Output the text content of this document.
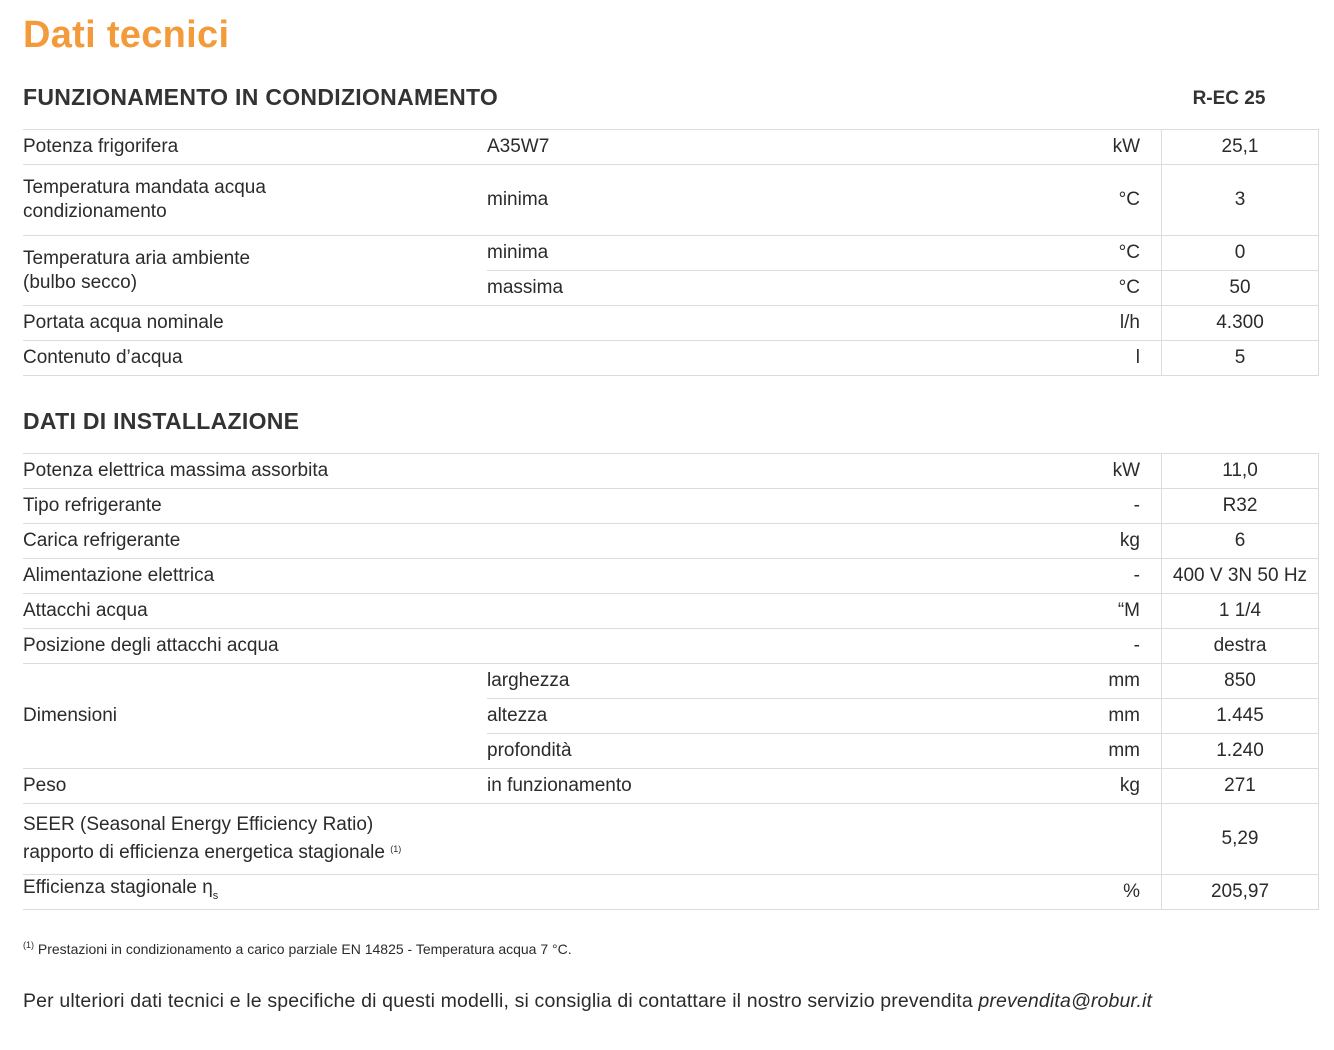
Dati tecnici
FUNZIONAMENTO IN CONDIZIONAMENTO	R-EC 25
Potenza frigorifera	A35W7	kW	25,1
Temperatura mandata acqua
condizionamento	minima	°C	3
Temperatura aria ambiente
(bulbo secco)	minima	°C	0
	massima	°C	50
Portata acqua nominale		l/h	4.300
Contenuto d’acqua		l	5
DATI DI INSTALLAZIONE
Potenza elettrica massima assorbita		kW	11,0
Tipo refrigerante		-	R32
Carica refrigerante		kg	6
Alimentazione elettrica		-	400 V 3N 50 Hz
Attacchi acqua		“M	1 1/4
Posizione degli attacchi acqua		-	destra
Dimensioni	larghezza	mm	850
	altezza	mm	1.445
	profondità	mm	1.240
Peso	in funzionamento	kg	271
SEER (Seasonal Energy Efficiency Ratio)
rapporto di efficienza energetica stagionale $^{(1)}$			5,29
Efficienza stagionale $\eta_s$		%	205,97

$^{(1)}$ Prestazioni in condizionamento a carico parziale EN 14825 - Temperatura acqua 7 °C.

Per ulteriori dati tecnici e le specifiche di questi modelli, si consiglia di contattare il nostro servizio prevendita prevendita@robur.it
